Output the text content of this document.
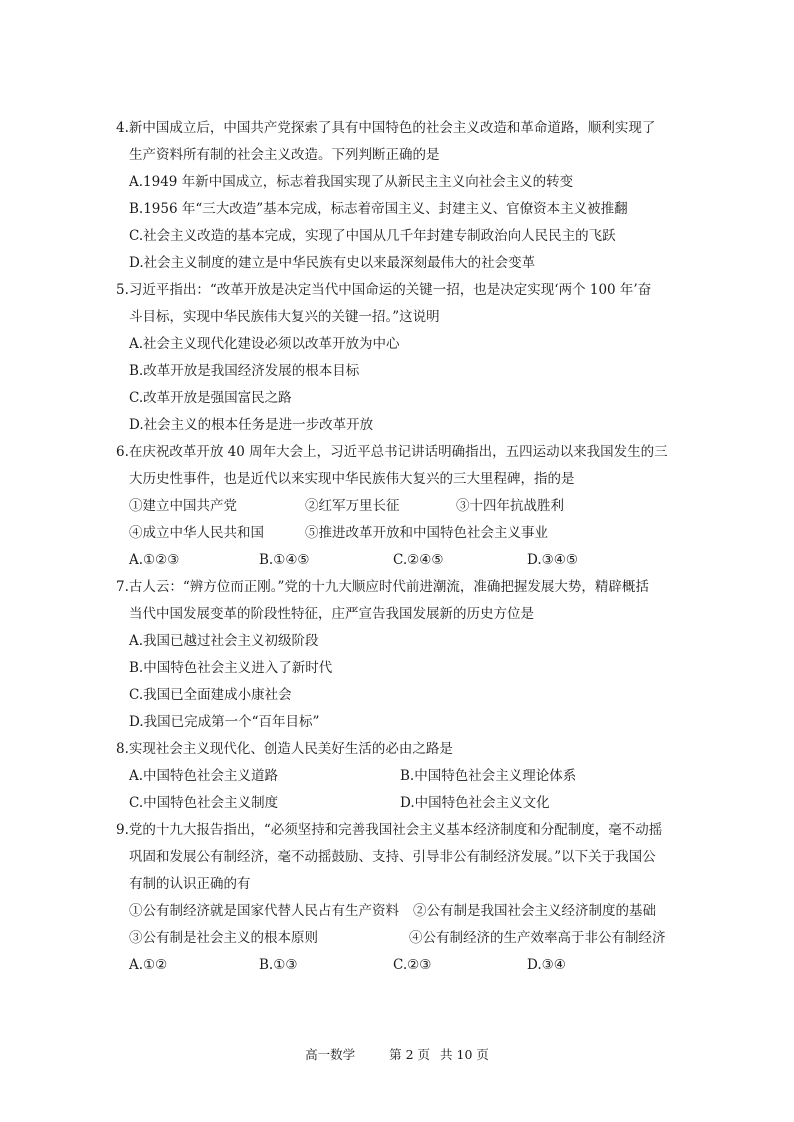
4.新中国成立后，中国共产党探索了具有中国特色的社会主义改造和革命道路，顺利实现了
生产资料所有制的社会主义改造。下列判断正确的是
A.1949 年新中国成立，标志着我国实现了从新民主主义向社会主义的转变
B.1956 年“三大改造”基本完成，标志着帝国主义、封建主义、官僚资本主义被推翻
C.社会主义改造的基本完成，实现了中国从几千年封建专制政治向人民民主的飞跃
D.社会主义制度的建立是中华民族有史以来最深刻最伟大的社会变革
5.习近平指出：“改革开放是决定当代中国命运的关键一招，也是决定实现‘两个 100 年’奋
斗目标，实现中华民族伟大复兴的关键一招。”这说明
A.社会主义现代化建设必须以改革开放为中心
B.改革开放是我国经济发展的根本目标
C.改革开放是强国富民之路
D.社会主义的根本任务是进一步改革开放
6.在庆祝改革开放 40 周年大会上，习近平总书记讲话明确指出，五四运动以来我国发生的三
大历史性事件，也是近代以来实现中华民族伟大复兴的三大里程碑，指的是
①建立中国共产党	②红军万里长征	③十四年抗战胜利
④成立中华人民共和国	⑤推进改革开放和中国特色社会主义事业
A.①②③	B.①④⑤	C.②④⑤	D.③④⑤
7.古人云：“辨方位而正刚。”党的十九大顺应时代前进潮流，准确把握发展大势，精辟概括
当代中国发展变革的阶段性特征，庄严宣告我国发展新的历史方位是
A.我国已越过社会主义初级阶段
B.中国特色社会主义进入了新时代
C.我国已全面建成小康社会
D.我国已完成第一个“百年目标”
8.实现社会主义现代化、创造人民美好生活的必由之路是
A.中国特色社会主义道路	B.中国特色社会主义理论体系
C.中国特色社会主义制度	D.中国特色社会主义文化
9.党的十九大报告指出，“必须坚持和完善我国社会主义基本经济制度和分配制度，毫不动摇
巩固和发展公有制经济，毫不动摇鼓励、支持、引导非公有制经济发展。”以下关于我国公
有制的认识正确的有
①公有制经济就是国家代替人民占有生产资料 ②公有制是我国社会主义经济制度的基础
③公有制是社会主义的根本原则	④公有制经济的生产效率高于非公有制经济
A.①②	B.①③	C.②③	D.③④
高一数学	第 2 页 共 10 页
